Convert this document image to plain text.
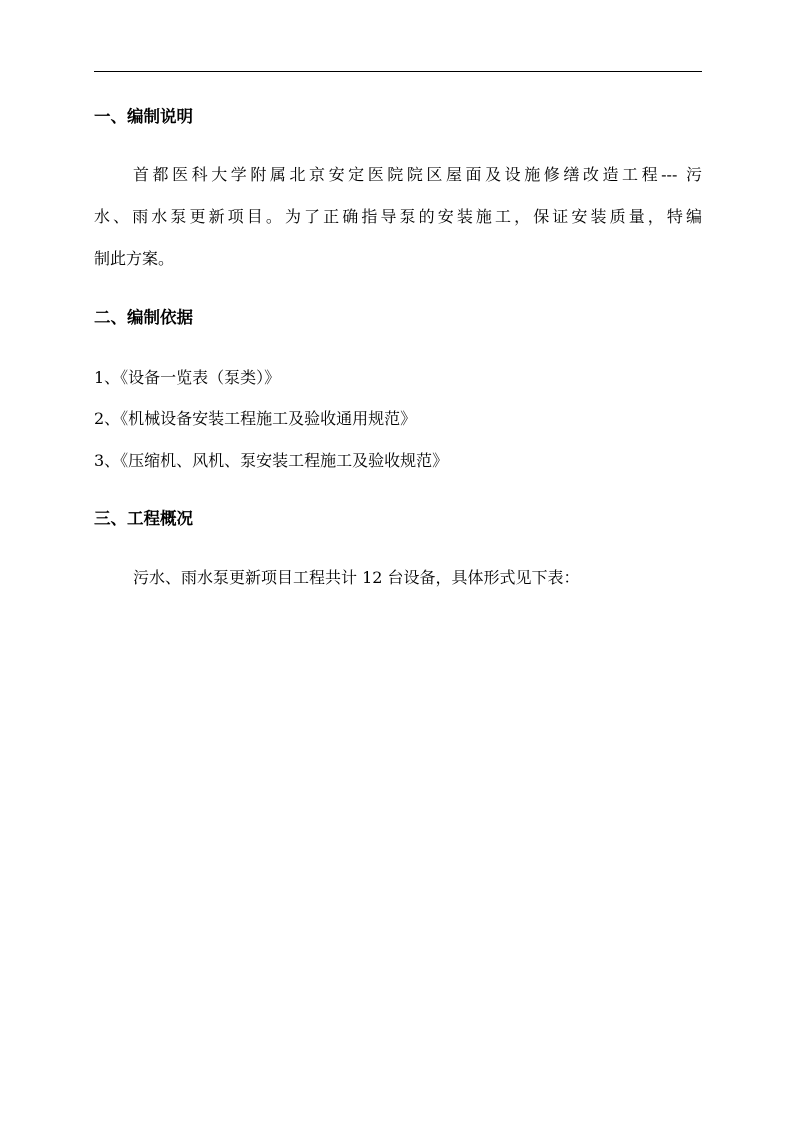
一、编制说明
首都医科大学附属北京安定医院院区屋面及设施修缮改造工程--- 污
水、雨水泵更新项目。为了正确指导泵的安装施工，保证安装质量，特编
制此方案。
二、编制依据
1、《设备一览表（泵类）》
2、《机械设备安装工程施工及验收通用规范》
3、《压缩机、风机、泵安装工程施工及验收规范》
三、工程概况
污水、雨水泵更新项目工程共计 12 台设备，具体形式见下表：
